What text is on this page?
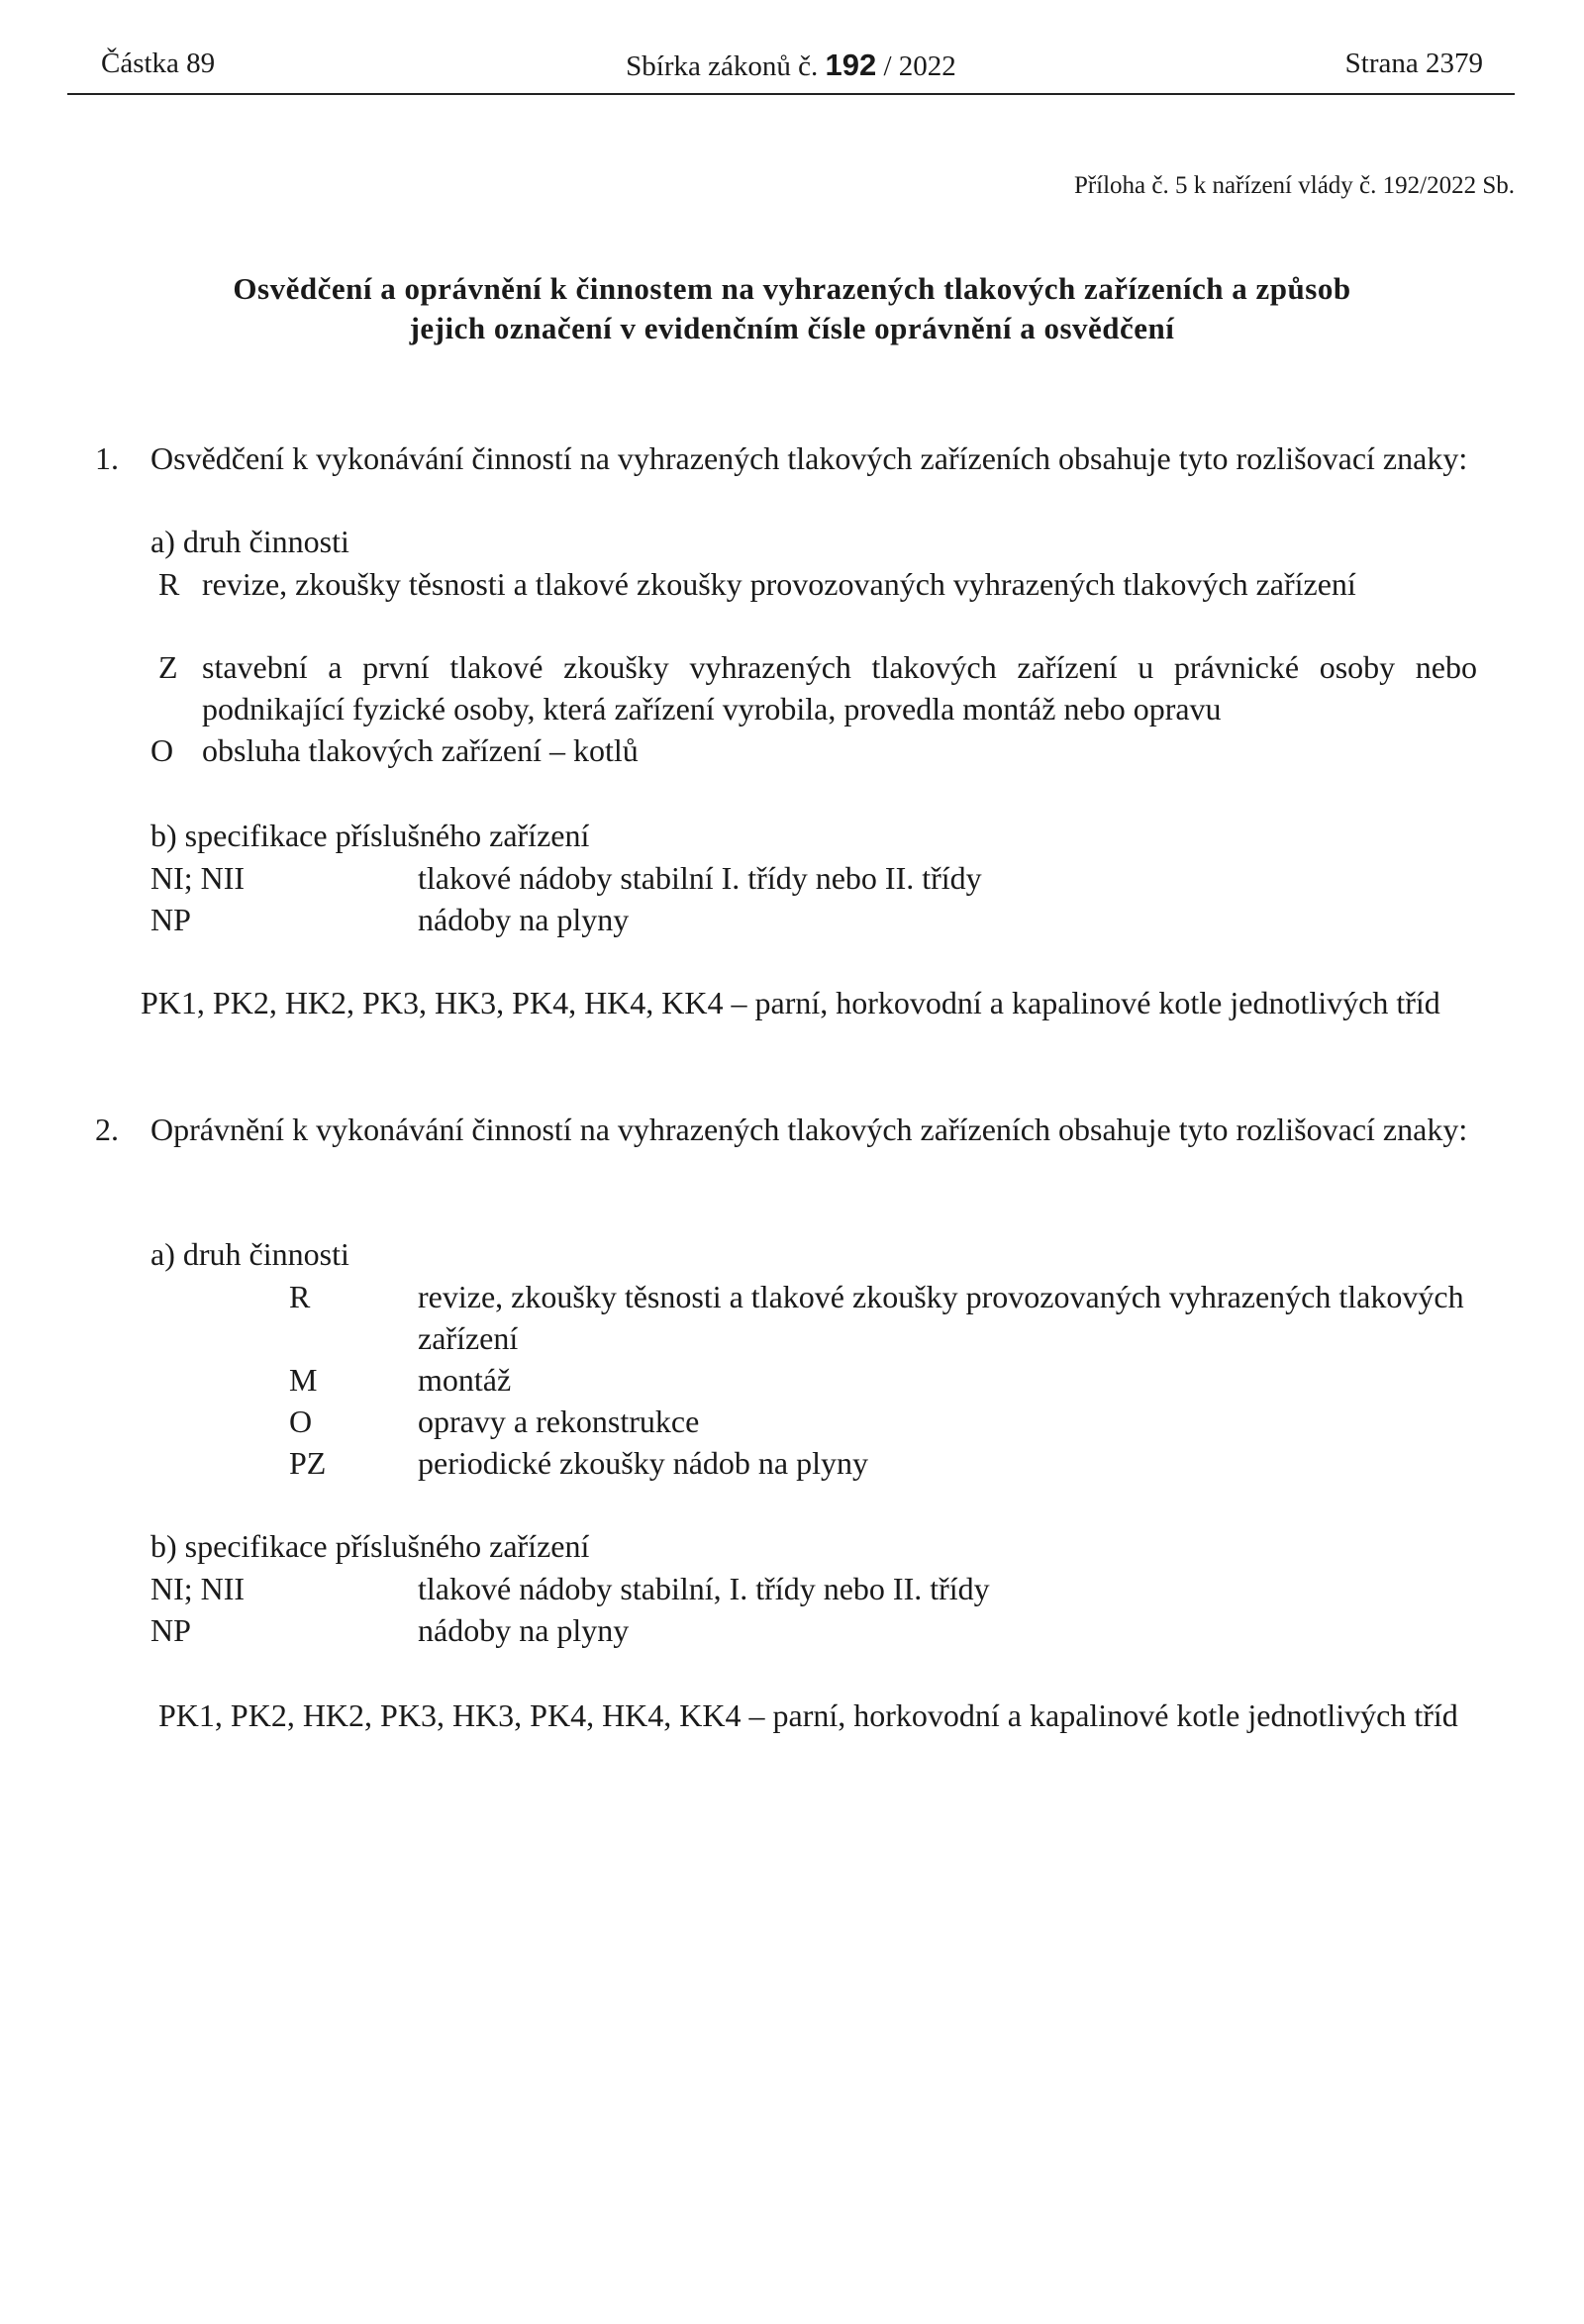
Částka 89	Sbírka zákonů č. 192 / 2022	Strana 2379
Příloha č. 5 k nařízení vlády č. 192/2022 Sb.
Osvědčení a oprávnění k činnostem na vyhrazených tlakových zařízeních a způsob
jejich označení v evidenčním čísle oprávnění a osvědčení
1. Osvědčení k vykonávání činností na vyhrazených tlakových zařízeních obsahuje tyto rozlišovací znaky:
a) druh činnosti
R revize, zkoušky těsnosti a tlakové zkoušky provozovaných vyhrazených tlakových zařízení
Z stavební a první tlakové zkoušky vyhrazených tlakových zařízení u právnické osoby nebo podnikající fyzické osoby, která zařízení vyrobila, provedla montáž nebo opravu
O obsluha tlakových zařízení – kotlů
b) specifikace příslušného zařízení
NI; NII	tlakové nádoby stabilní I. třídy nebo II. třídy
NP	nádoby na plyny
PK1, PK2, HK2, PK3, HK3, PK4, HK4, KK4 – parní, horkovodní a kapalinové kotle jednotlivých tříd
2. Oprávnění k vykonávání činností na vyhrazených tlakových zařízeních obsahuje tyto rozlišovací znaky:
a) druh činnosti
R	revize, zkoušky těsnosti a tlakové zkoušky provozovaných vyhrazených tlakových zařízení
M	montáž
O	opravy a rekonstrukce
PZ	periodické zkoušky nádob na plyny
b) specifikace příslušného zařízení
NI; NII	tlakové nádoby stabilní, I. třídy nebo II. třídy
NP	nádoby na plyny
PK1, PK2, HK2, PK3, HK3, PK4, HK4, KK4 – parní, horkovodní a kapalinové kotle jednotlivých tříd
